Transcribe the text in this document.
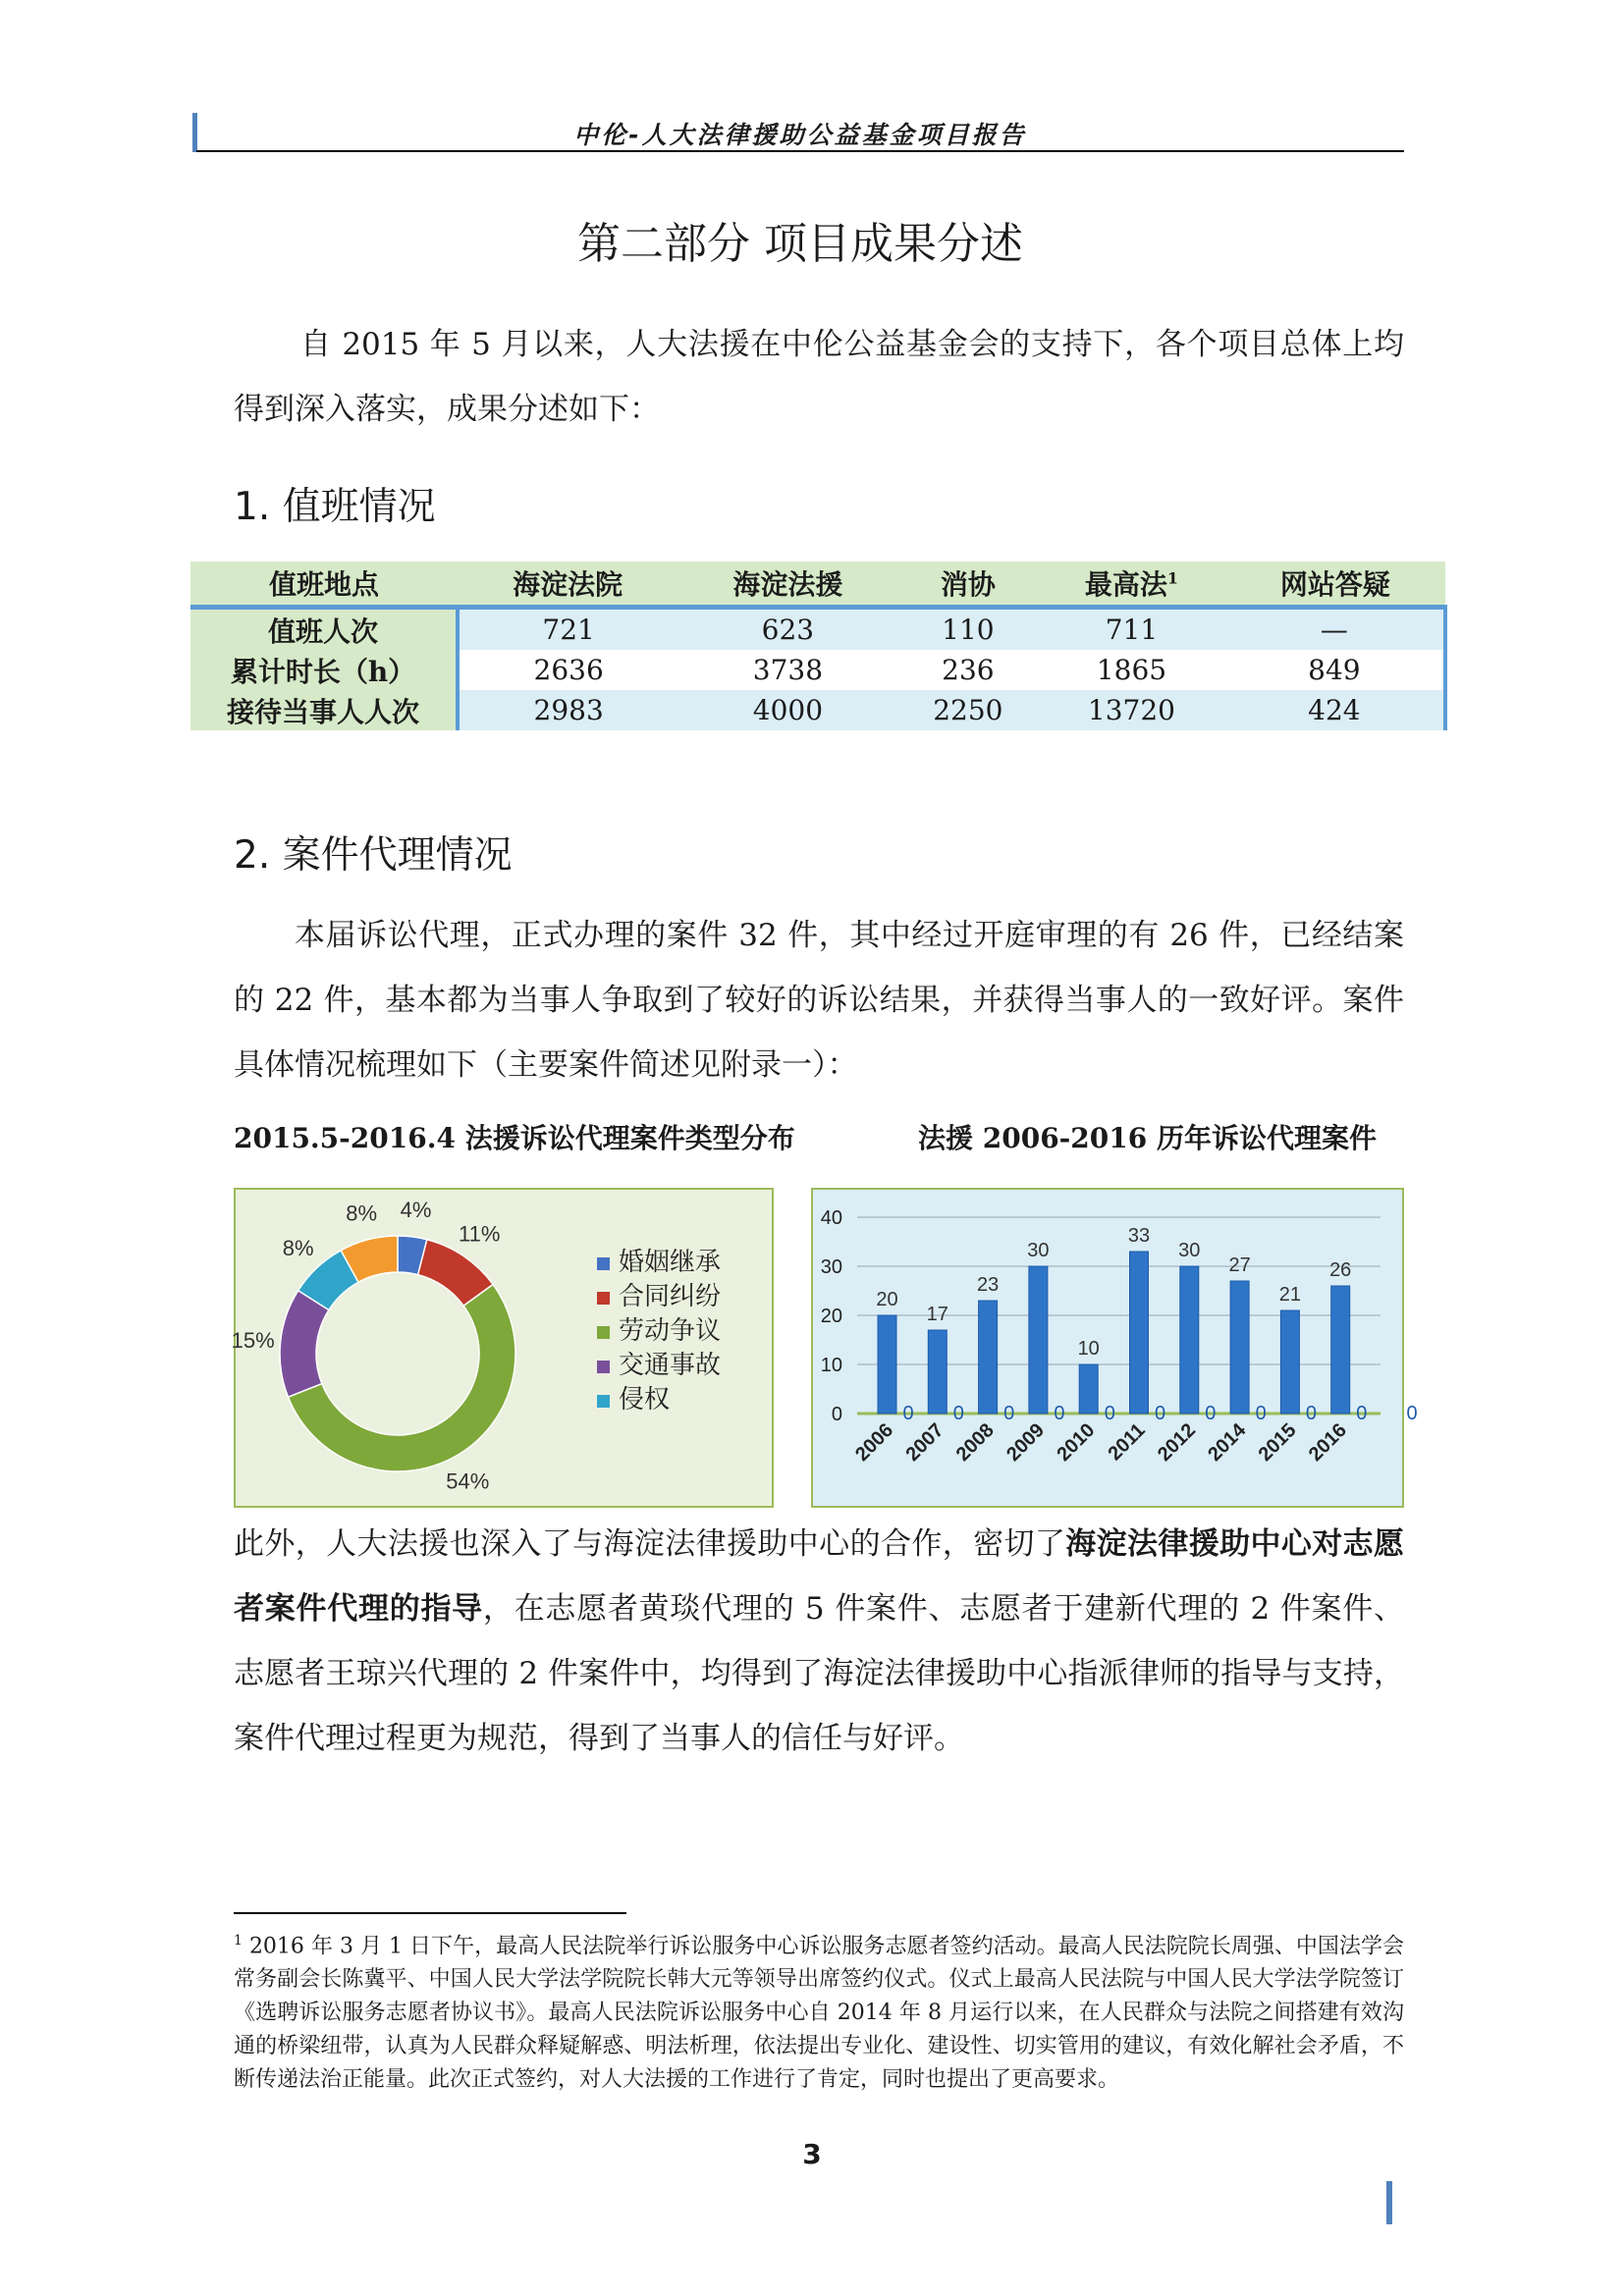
中伦-人大法律援助公益基金项目报告
第二部分 项目成果分述
自 2015 年 5 月以来，人大法援在中伦公益基金会的支持下，各个项目总体上均得到深入落实，成果分述如下：
1. 值班情况
值班地点	海淀法院	海淀法援	消协	最高法$^1$	网站答疑
值班人次	721	623	110	711	—
累计时长（h）	2636	3738	236	1865	849
接待当事人人次	2983	4000	2250	13720	424
2. 案件代理情况
本届诉讼代理，正式办理的案件 32 件，其中经过开庭审理的有 26 件，已经结案的 22 件，基本都为当事人争取到了较好的诉讼结果，并获得当事人的一致好评。案件具体情况梳理如下（主要案件简述见附录一）：
2015.5-2016.4 法援诉讼代理案件类型分布	法援 2006-2016 历年诉讼代理案件
4%
11%
54%
15%
8%
8%
婚姻继承
合同纠纷
劳动争议
交通事故
侵权
0
10
20
30
40
20
2006
17
2007
23
2008
30
2009
10
2010
33
2011
30
2012
27
2014
21
2015
26
2016
0 0 0 0 0 0 0 0 0 0 0
此外，人大法援也深入了与海淀法律援助中心的合作，密切了海淀法律援助中心对志愿者案件代理的指导，在志愿者黄琰代理的 5 件案件、志愿者于建新代理的 2 件案件、志愿者王琼兴代理的 2 件案件中，均得到了海淀法律援助中心指派律师的指导与支持，案件代理过程更为规范，得到了当事人的信任与好评。
$^1$ 2016 年 3 月 1 日下午，最高人民法院举行诉讼服务中心诉讼服务志愿者签约活动。最高人民法院院长周强、中国法学会常务副会长陈冀平、中国人民大学法学院院长韩大元等领导出席签约仪式。仪式上最高人民法院与中国人民大学法学院签订《选聘诉讼服务志愿者协议书》。最高人民法院诉讼服务中心自 2014 年 8 月运行以来，在人民群众与法院之间搭建有效沟通的桥梁纽带，认真为人民群众释疑解惑、明法析理，依法提出专业化、建设性、切实管用的建议，有效化解社会矛盾，不断传递法治正能量。此次正式签约，对人大法援的工作进行了肯定，同时也提出了更高要求。
3
